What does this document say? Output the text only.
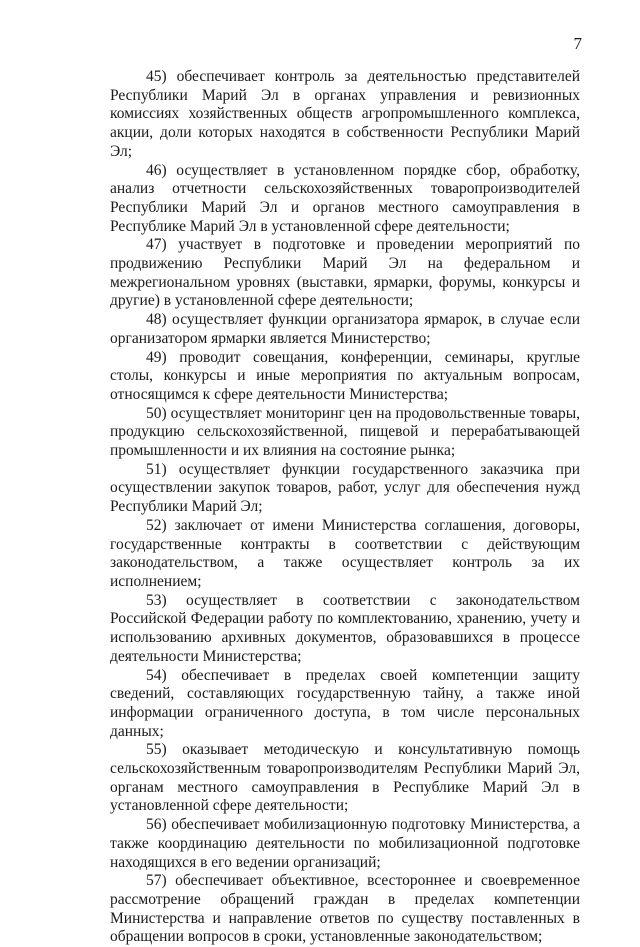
7

45) обеспечивает контроль за деятельностью представителей Республики Марий Эл в органах управления и ревизионных комиссиях хозяйственных обществ агропромышленного комплекса, акции, доли которых находятся в собственности Республики Марий Эл;

46) осуществляет в установленном порядке сбор, обработку, анализ отчетности сельскохозяйственных товаропроизводителей Республики Марий Эл и органов местного самоуправления в Республике Марий Эл в установленной сфере деятельности;

47) участвует в подготовке и проведении мероприятий по продвижению Республики Марий Эл на федеральном и межрегиональном уровнях (выставки, ярмарки, форумы, конкурсы и другие) в установленной сфере деятельности;

48) осуществляет функции организатора ярмарок, в случае если организатором ярмарки является Министерство;

49) проводит совещания, конференции, семинары, круглые столы, конкурсы и иные мероприятия по актуальным вопросам, относящимся к сфере деятельности Министерства;

50) осуществляет мониторинг цен на продовольственные товары, продукцию сельскохозяйственной, пищевой и перерабатывающей промышленности и их влияния на состояние рынка;

51) осуществляет функции государственного заказчика при осуществлении закупок товаров, работ, услуг для обеспечения нужд Республики Марий Эл;

52) заключает от имени Министерства соглашения, договоры, государственные контракты в соответствии с действующим законодательством, а также осуществляет контроль за их исполнением;

53) осуществляет в соответствии с законодательством Российской Федерации работу по комплектованию, хранению, учету и использованию архивных документов, образовавшихся в процессе деятельности Министерства;

54) обеспечивает в пределах своей компетенции защиту сведений, составляющих государственную тайну, а также иной информации ограниченного доступа, в том числе персональных данных;

55) оказывает методическую и консультативную помощь сельскохозяйственным товаропроизводителям Республики Марий Эл, органам местного самоуправления в Республике Марий Эл в установленной сфере деятельности;

56) обеспечивает мобилизационную подготовку Министерства, а также координацию деятельности по мобилизационной подготовке находящихся в его ведении организаций;

57) обеспечивает объективное, всестороннее и своевременное рассмотрение обращений граждан в пределах компетенции Министерства и направление ответов по существу поставленных в обращении вопросов в сроки, установленные законодательством;
